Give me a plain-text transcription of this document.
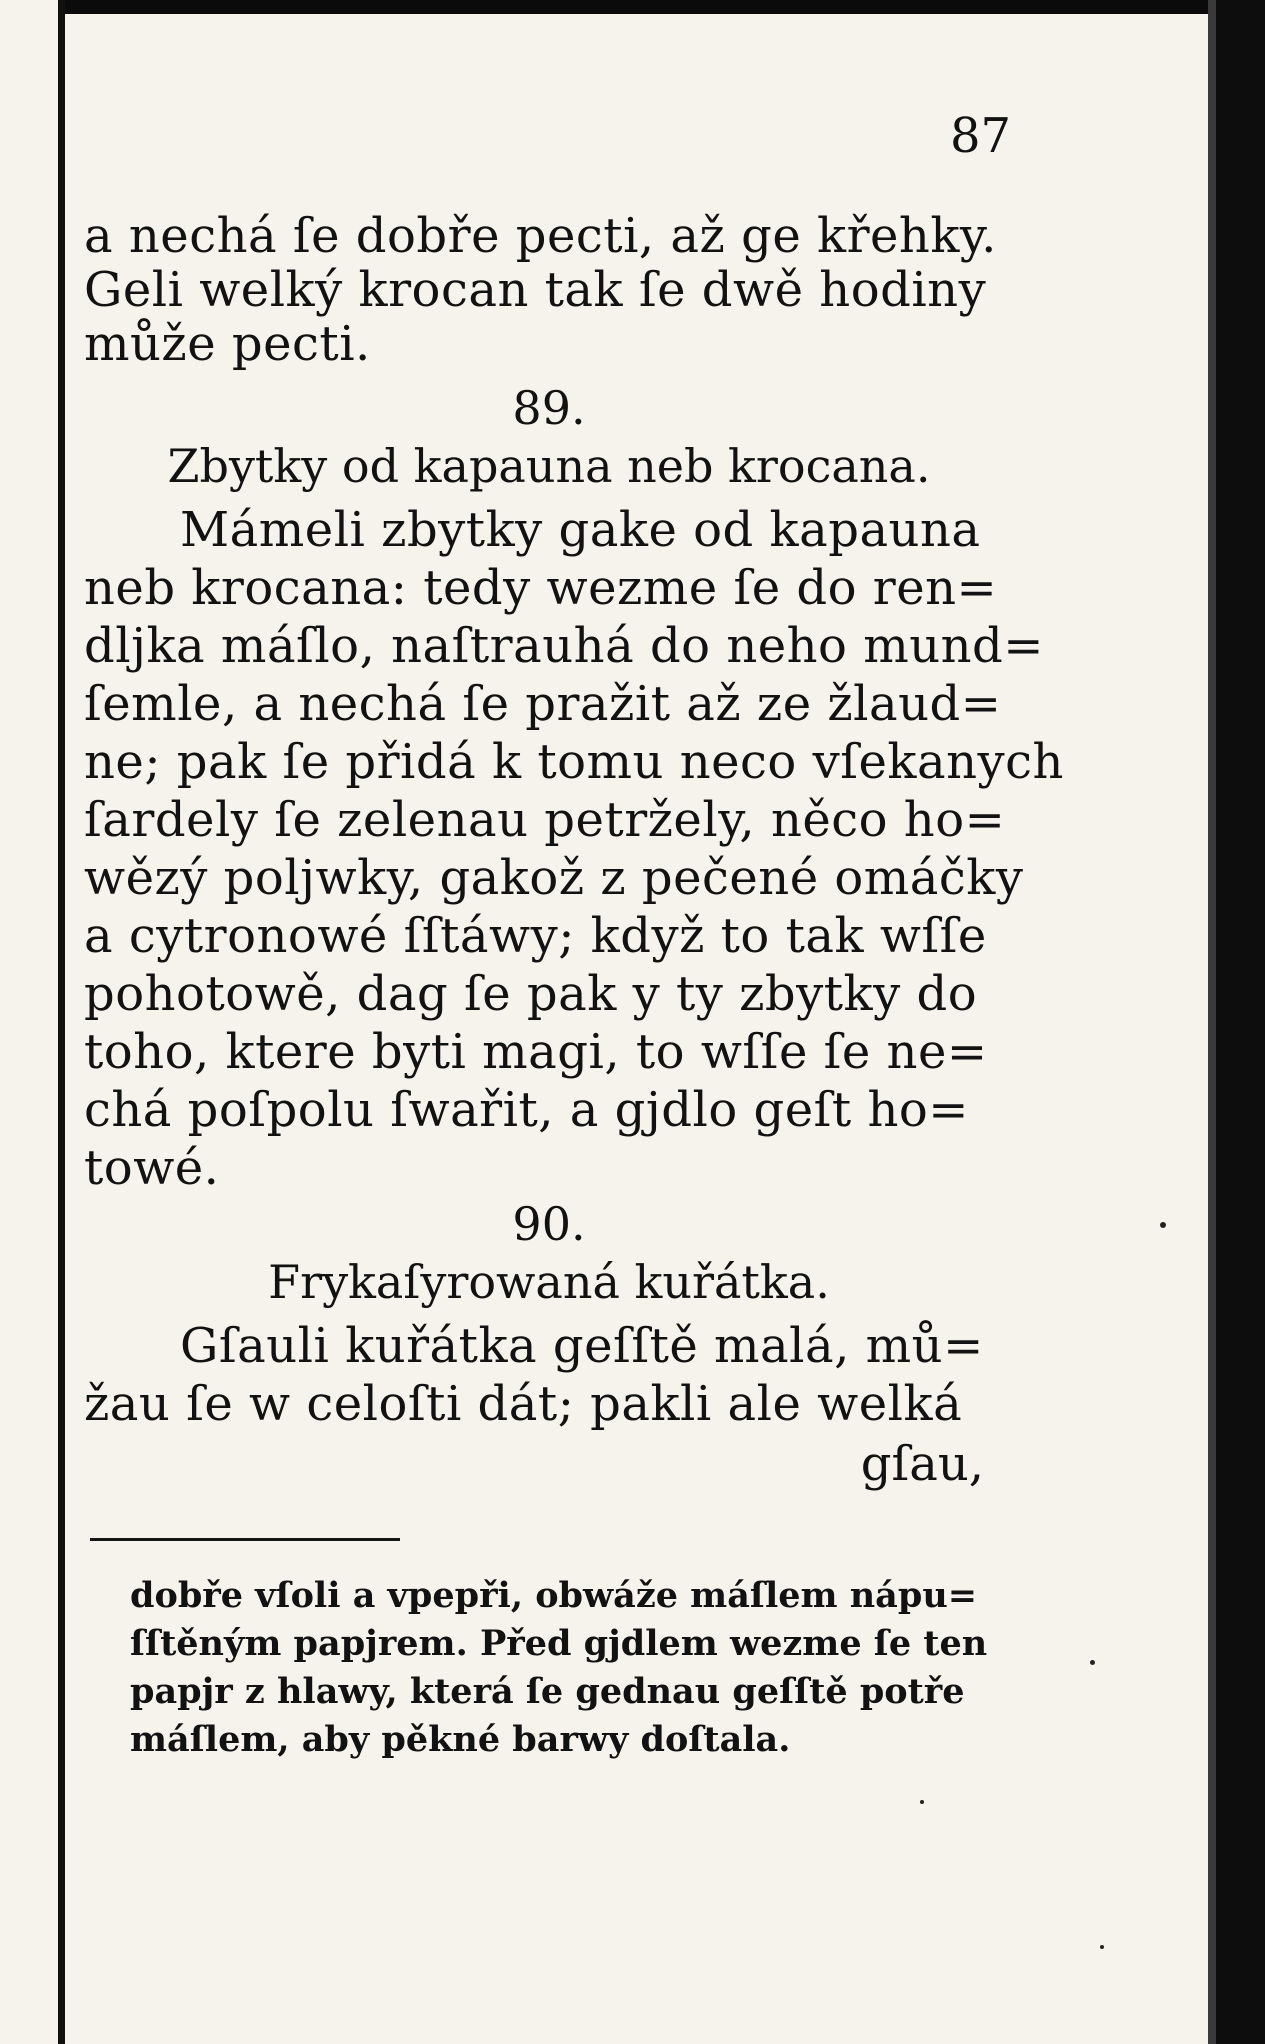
87
a nechá ſe dobře pecti, až ge křehky.
Geli welký krocan tak ſe dwě hodiny
může pecti.
89.
Zbytky od kapauna neb krocana.
Mámeli zbytky gake od kapauna
neb krocana: tedy wezme ſe do ren=
dljka máſlo, naſtrauhá do neho mund=
ſemle, a nechá ſe pražit až ze žlaud=
ne; pak ſe přidá k tomu neco vſekanych
ſardely ſe zelenau petržely, něco ho=
wězý poljwky, gakož z pečené omáčky
a cytronowé ſſtáwy; když to tak wſſe
pohotowě, dag ſe pak y ty zbytky do
toho, ktere byti magi, to wſſe ſe ne=
chá poſpolu ſwařit, a gjdlo geſt ho=
towé.
90.
Frykaſyrowaná kuřátka.
Gſauli kuřátka geſſtě malá, mů=
žau ſe w celoſti dát; pakli ale welká
gſau,
dobře vſoli a vpepři, obwáže máſlem nápu=
ſſtěným papjrem. Před gjdlem wezme ſe ten
papjr z hlawy, která ſe gednau geſſtě potře
máſlem, aby pěkné barwy doſtala.
